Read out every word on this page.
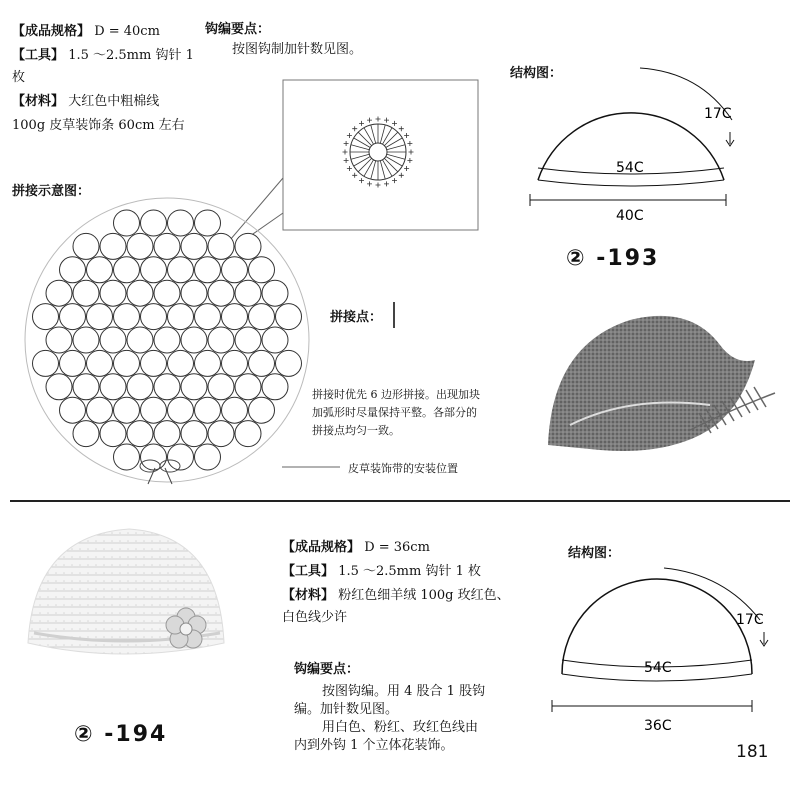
【成品规格】 D = 40cm
【工具】 1.5 ～2.5mm 钩针 1
枚
【材料】 大红色中粗棉线
100g 皮草装饰条 60cm 左右
钩编要点：
按图钩制加针数见图。
拼接示意图：
拼接点：
拼接时优先 6 边形拼接。出现加块
加弧形时尽量保持平整。各部分的
拼接点均匀一致。
皮草装饰带的安装位置
结构图：
17C
54C
40C
② -193
② -194
【成品规格】 D = 36cm
【工具】 1.5 ～2.5mm 钩针 1 枚
【材料】 粉红色细羊绒 100g 玫红色、
白色线少许
钩编要点：
按图钩编。用 4 股合 1 股钩
编。加针数见图。
用白色、粉红、玫红色线由
内到外钩 1 个立体花装饰。
结构图：
17C
54C
36C
181
